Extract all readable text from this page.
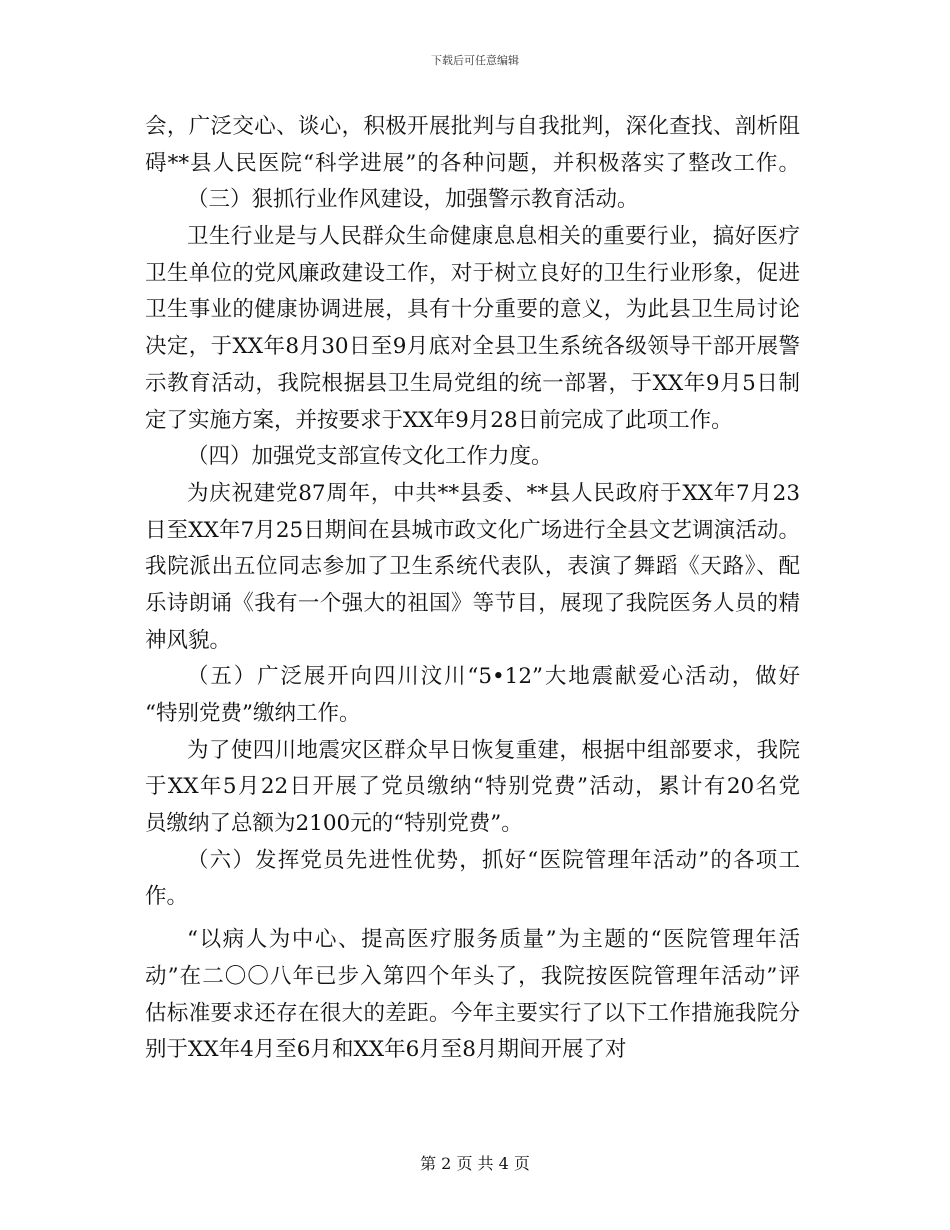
下载后可任意编辑
会，广泛交心、谈心，积极开展批判与自我批判，深化查找、剖析阻
碍**县人民医院“科学进展”的各种问题，并积极落实了整改工作。
（三）狠抓行业作风建设，加强警示教育活动。
卫生行业是与人民群众生命健康息息相关的重要行业，搞好医疗
卫生单位的党风廉政建设工作，对于树立良好的卫生行业形象，促进
卫生事业的健康协调进展，具有十分重要的意义，为此县卫生局讨论
决定，于XX年8月30日至9月底对全县卫生系统各级领导干部开展警
示教育活动，我院根据县卫生局党组的统一部署，于XX年9月5日制
定了实施方案，并按要求于XX年9月28日前完成了此项工作。
（四）加强党支部宣传文化工作力度。
为庆祝建党87周年，中共**县委、**县人民政府于XX年7月23
日至XX年7月25日期间在县城市政文化广场进行全县文艺调演活动。
我院派出五位同志参加了卫生系统代表队，表演了舞蹈《天路》、配
乐诗朗诵《我有一个强大的祖国》等节目，展现了我院医务人员的精
神风貌。
（五）广泛展开向四川汶川“5•12”大地震献爱心活动，做好
“特别党费”缴纳工作。
为了使四川地震灾区群众早日恢复重建，根据中组部要求，我院
于XX年5月22日开展了党员缴纳“特别党费”活动，累计有20名党
员缴纳了总额为2100元的“特别党费”。
（六）发挥党员先进性优势，抓好“医院管理年活动”的各项工
作。
“以病人为中心、提高医疗服务质量”为主题的“医院管理年活
动”在二〇〇八年已步入第四个年头了，我院按医院管理年活动”评
估标准要求还存在很大的差距。今年主要实行了以下工作措施我院分
别于XX年4月至6月和XX年6月至8月期间开展了对
第 2 页 共 4 页
